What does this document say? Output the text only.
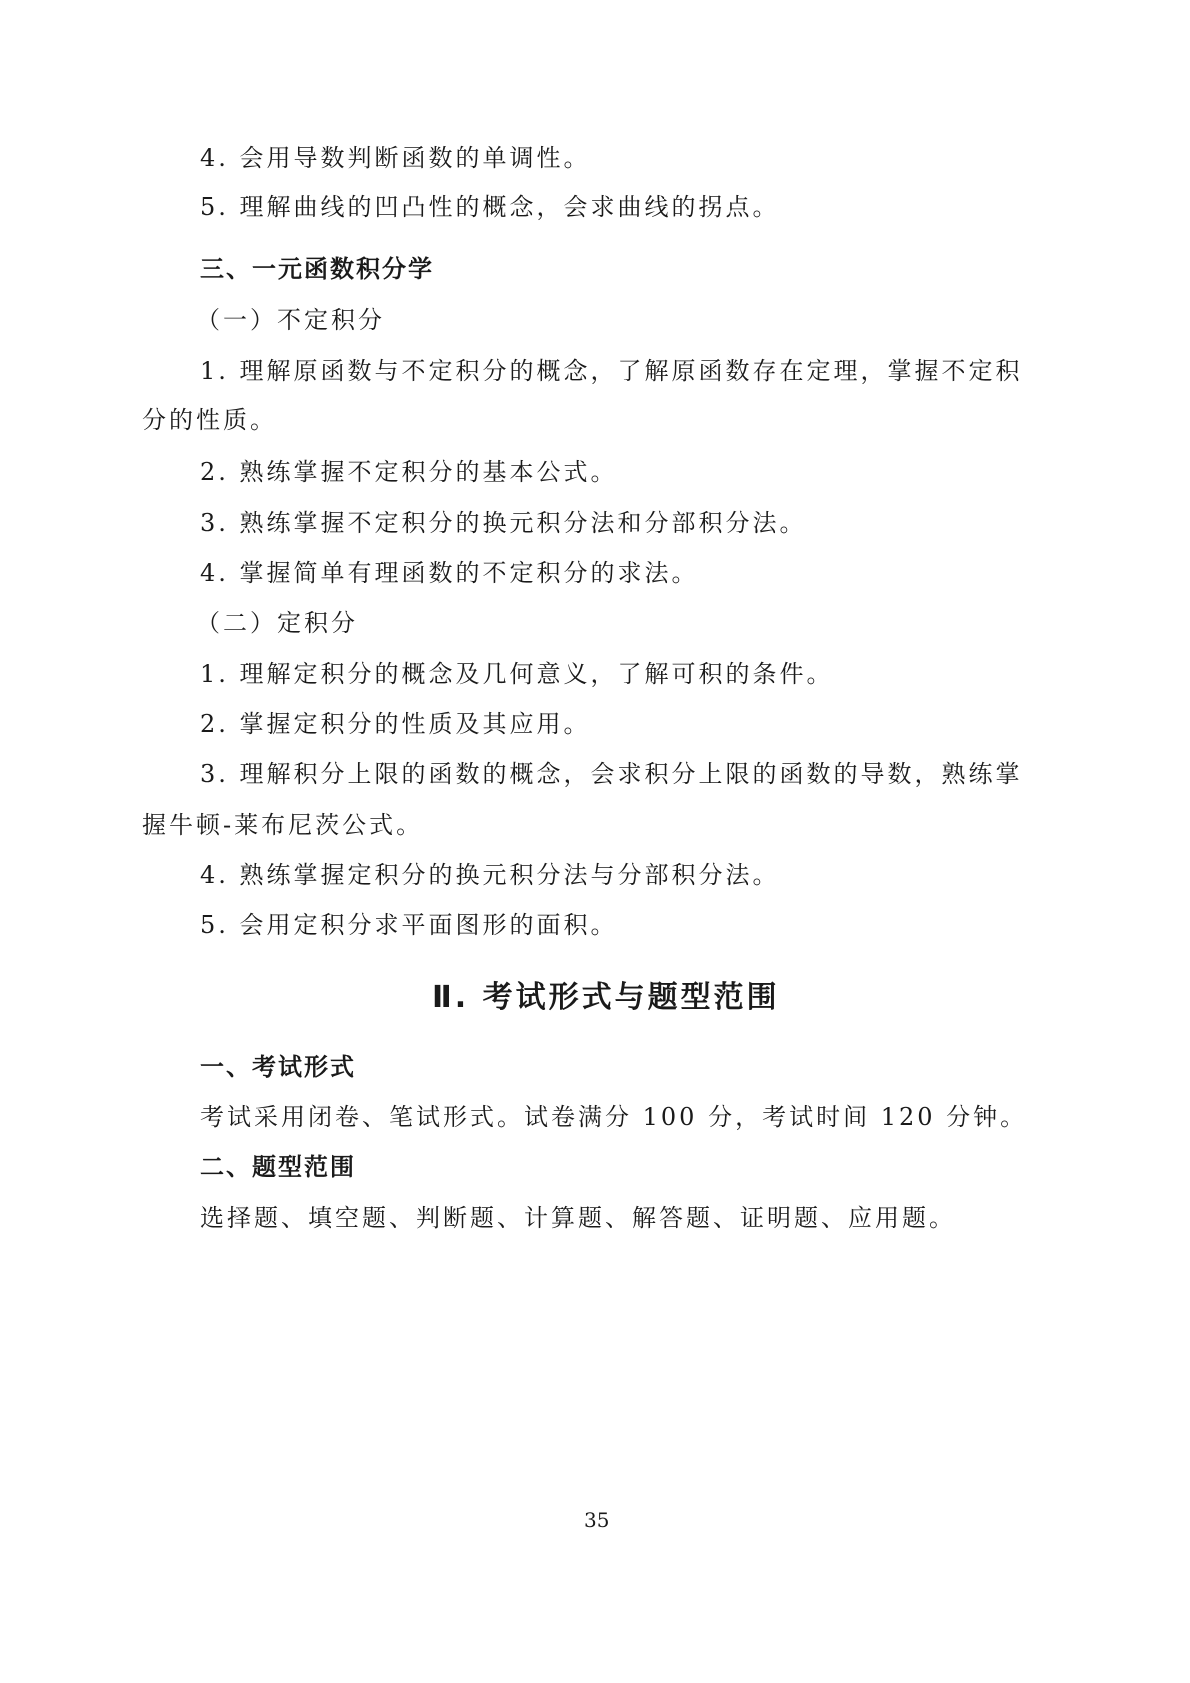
4. 会用导数判断函数的单调性。
5. 理解曲线的凹凸性的概念，会求曲线的拐点。
三、一元函数积分学
（一）不定积分
1. 理解原函数与不定积分的概念，了解原函数存在定理，掌握不定积
分的性质。
2. 熟练掌握不定积分的基本公式。
3. 熟练掌握不定积分的换元积分法和分部积分法。
4. 掌握简单有理函数的不定积分的求法。
（二）定积分
1. 理解定积分的概念及几何意义，了解可积的条件。
2. 掌握定积分的性质及其应用。
3. 理解积分上限的函数的概念，会求积分上限的函数的导数，熟练掌
握牛顿-莱布尼茨公式。
4. 熟练掌握定积分的换元积分法与分部积分法。
5. 会用定积分求平面图形的面积。
Ⅱ. 考试形式与题型范围
一、考试形式
考试采用闭卷、笔试形式。试卷满分 100 分，考试时间 120 分钟。
二、题型范围
选择题、填空题、判断题、计算题、解答题、证明题、应用题。
35
